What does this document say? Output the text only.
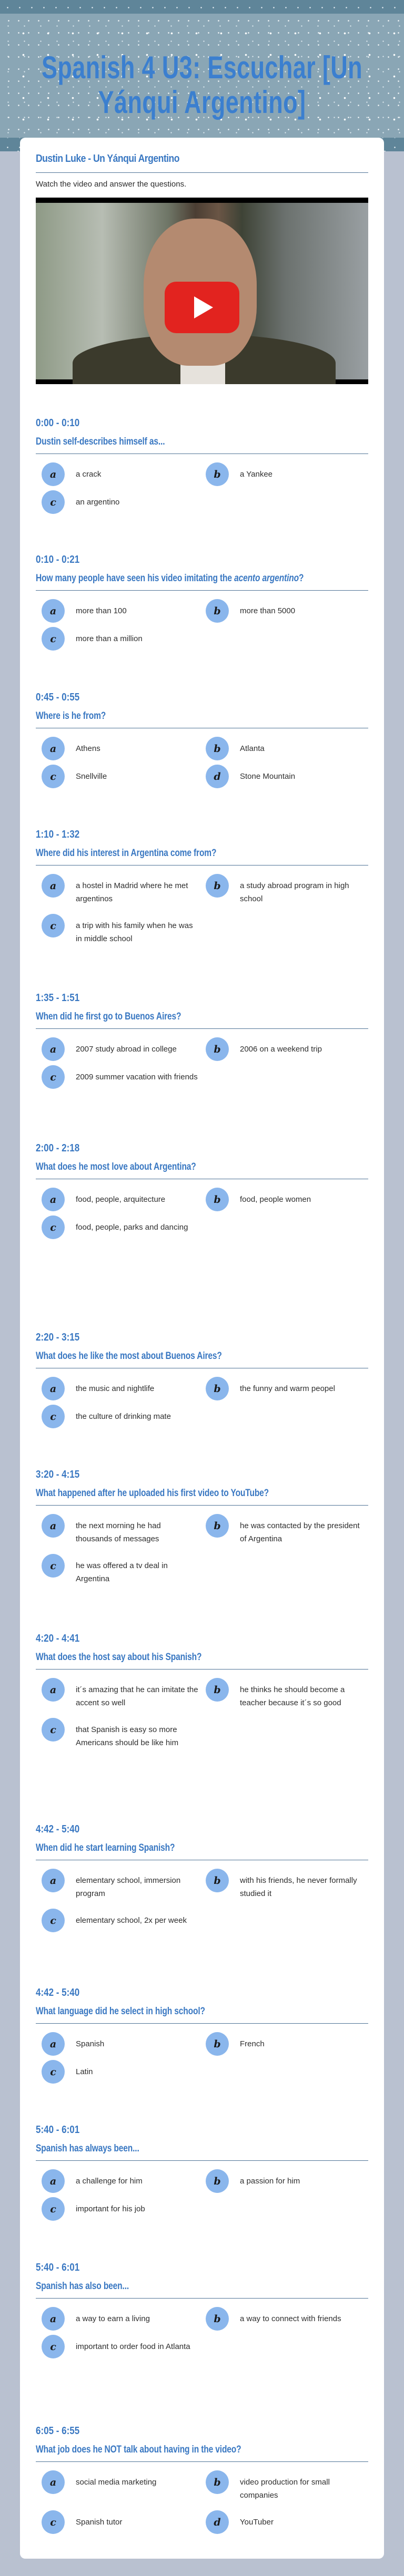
Spanish 4 U3: Escuchar [Un Yánqui Argentino]
Dustin Luke - Un Yánqui Argentino
Watch the video and answer the questions.
0:00 - 0:10
Dustin self-describes himself as...
a	a crack	b	a Yankee
c	an argentino
0:10 - 0:21
How many people have seen his video imitating the acento argentino?
a	more than 100	b	more than 5000
c	more than a million
0:45 - 0:55
Where is he from?
a	Athens	b	Atlanta
c	Snellville	d	Stone Mountain
1:10 - 1:32
Where did his interest in Argentina come from?
a	a hostel in Madrid where he met argentinos
b	a study abroad program in high school
c	a trip with his family when he was in middle school
1:35 - 1:51
When did he first go to Buenos Aires?
a	2007 study abroad in college	b	2006 on a weekend trip
c	2009 summer vacation with friends
2:00 - 2:18
What does he most love about Argentina?
a	food, people, arquitecture	b	food, people women
c	food, people, parks and dancing
2:20 - 3:15
What does he like the most about Buenos Aires?
a	the music and nightlife	b	the funny and warm peopel
c	the culture of drinking mate
3:20 - 4:15
What happened after he uploaded his first video to YouTube?
a	the next morning he had thousands of messages
b	he was contacted by the president of Argentina
c	he was offered a tv deal in Argentina
4:20 - 4:41
What does the host say about his Spanish?
a	it´s amazing that he can imitate the accent so well
b	he thinks he should become a teacher because it´s so good
c	that Spanish is easy so more Americans should be like him
4:42 - 5:40
When did he start learning Spanish?
a	elementary school, immersion program
b	with his friends, he never formally studied it
c	elementary school, 2x per week
4:42 - 5:40
What language did he select in high school?
a	Spanish	b	French
c	Latin
5:40 - 6:01
Spanish has always been...
a	a challenge for him	b	a passion for him
c	important for his job
5:40 - 6:01
Spanish has also been...
a	a way to earn a living	b	a way to connect with friends
c	important to order food in Atlanta
6:05 - 6:55
What job does he NOT talk about having in the video?
a	social media marketing	b	video production for small companies
c	Spanish tutor	d	YouTuber
